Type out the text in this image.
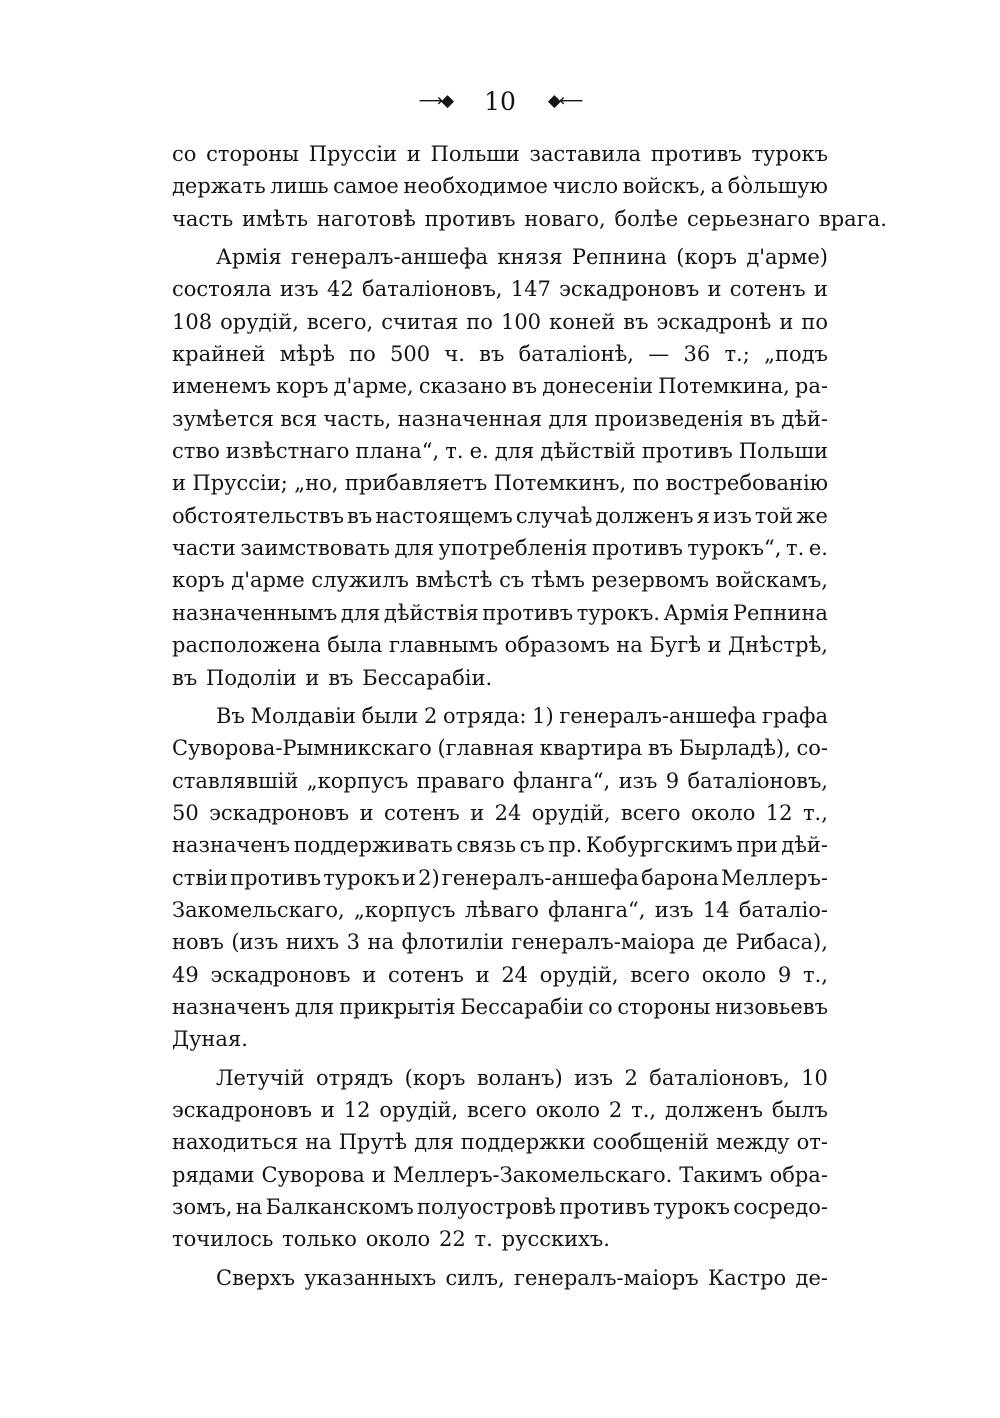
⟶◆ 10 ◆⟵
со стороны Пруссіи и Польши заставила противъ турокъ
держать лишь самое необходимое число войскъ, а бо̀льшую
часть имѣть наготовѣ противъ новаго, болѣе серьезнаго врага.
Армія генералъ-аншефа князя Репнина (коръ д'арме)
состояла изъ 42 баталіоновъ, 147 эскадроновъ и сотенъ и
108 орудій, всего, считая по 100 коней въ эскадронѣ и по
крайней мѣрѣ по 500 ч. въ баталіонѣ, — 36 т.; „подъ
именемъ коръ д'арме, сказано въ донесеніи Потемкина, ра-
зумѣется вся часть, назначенная для произведенія въ дѣй-
ство извѣстнаго плана“, т. е. для дѣйствій противъ Польши
и Пруссіи; „но, прибавляетъ Потемкинъ, по востребованію
обстоятельствъ въ настоящемъ случаѣ долженъ я изъ той же
части заимствовать для употребленія противъ турокъ“, т. е.
коръ д'арме служилъ вмѣстѣ съ тѣмъ резервомъ войскамъ,
назначеннымъ для дѣйствія противъ турокъ. Армія Репнина
расположена была главнымъ образомъ на Бугѣ и Днѣстрѣ,
въ Подоліи и въ Бессарабіи.
Въ Молдавіи были 2 отряда: 1) генералъ-аншефа графа
Суворова-Рымникскаго (главная квартира въ Бырладѣ), со-
ставлявшій „корпусъ праваго фланга“, изъ 9 баталіоновъ,
50 эскадроновъ и сотенъ и 24 орудій, всего около 12 т.,
назначенъ поддерживать связь съ пр. Кобургскимъ при дѣй-
ствіи противъ турокъ и 2) генералъ-аншефа барона Меллеръ-
Закомельскаго, „корпусъ лѣваго фланга“, изъ 14 баталіо-
новъ (изъ нихъ 3 на флотиліи генералъ-маіора де Рибаса),
49 эскадроновъ и сотенъ и 24 орудій, всего около 9 т.,
назначенъ для прикрытія Бессарабіи со стороны низовьевъ
Дуная.
Летучій отрядъ (коръ воланъ) изъ 2 баталіоновъ, 10
эскадроновъ и 12 орудій, всего около 2 т., долженъ былъ
находиться на Прутѣ для поддержки сообщеній между от-
рядами Суворова и Меллеръ-Закомельскаго. Такимъ обра-
зомъ, на Балканскомъ полуостровѣ противъ турокъ сосредо-
точилось только около 22 т. русскихъ.
Сверхъ указанныхъ силъ, генералъ-маіоръ Кастро де-
